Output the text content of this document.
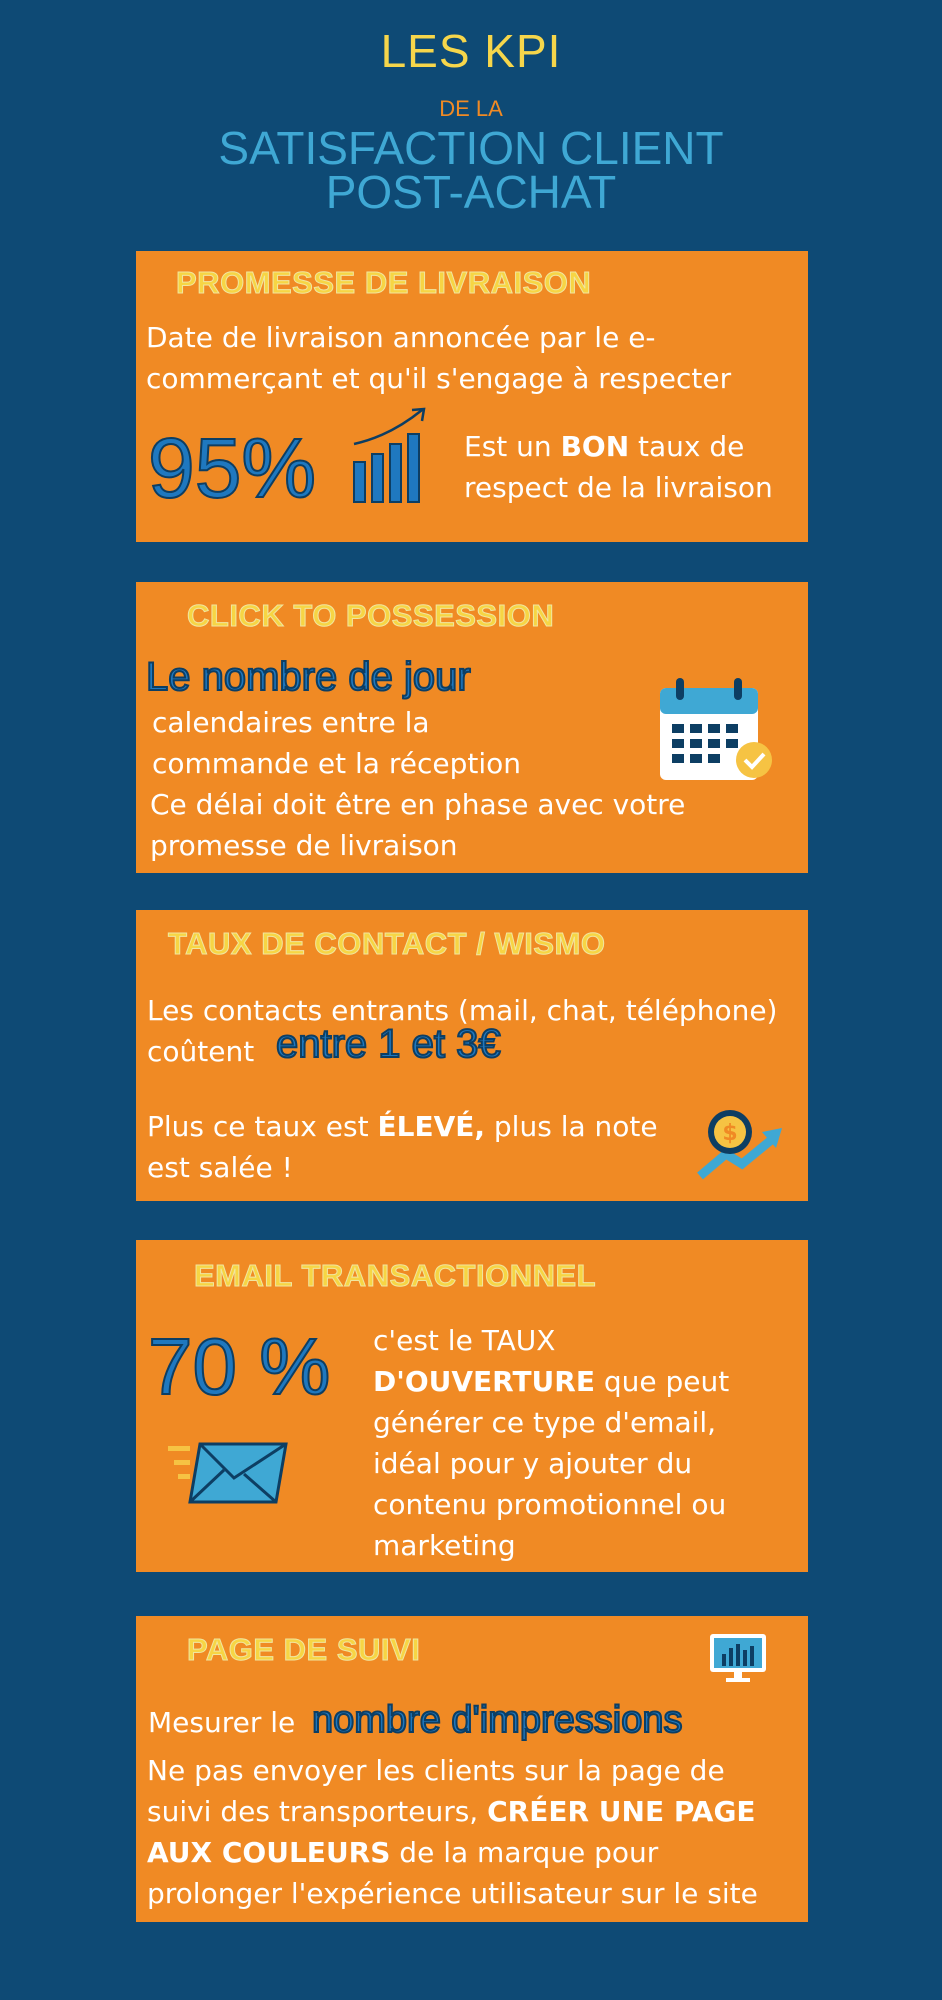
LES KPI
DE LA
SATISFACTION CLIENT
POST-ACHAT
PROMESSE DE LIVRAISON
Date de livraison annoncée par le e-
commerçant et qu'il s'engage à respecter
95%	Est un BON taux de
respect de la livraison
CLICK TO POSSESSION
Le nombre de jour
calendaires entre la
commande et la réception
Ce délai doit être en phase avec votre
promesse de livraison
TAUX DE CONTACT / WISMO
Les contacts entrants (mail, chat, téléphone)
coûtent entre 1 et 3€
Plus ce taux est ÉLEVÉ, plus la note
est salée !
$
EMAIL TRANSACTIONNEL
70 % c'est le TAUX
D'OUVERTURE que peut
générer ce type d'email,
idéal pour y ajouter du
contenu promotionnel ou
marketing
PAGE DE SUIVI
Mesurer le nombre d'impressions
Ne pas envoyer les clients sur la page de
suivi des transporteurs, CRÉER UNE PAGE
AUX COULEURS de la marque pour
prolonger l'expérience utilisateur sur le site
